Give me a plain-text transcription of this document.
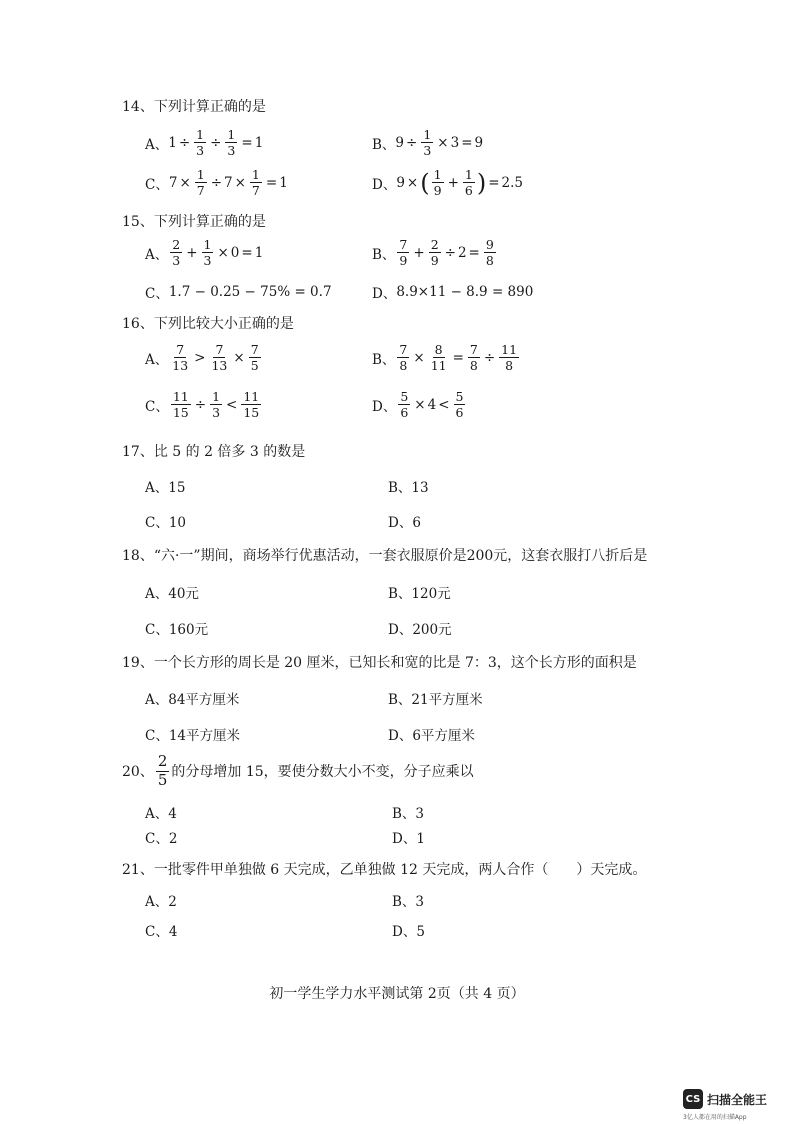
14、下列计算正确的是
A、 $1 \div \frac{1}{3} \div \frac{1}{3} = 1$	B、 $9 \div \frac{1}{3} \times 3 = 9$
C、 $7 \times \frac{1}{7} \div 7 \times \frac{1}{7} = 1$	D、 9 × ( $\frac{1}{9} + \frac{1}{6}$ ) = 2.5
15、下列计算正确的是
A、 $\frac{2}{3} + \frac{1}{3} \times 0 = 1$	B、 $\frac{7}{9} + \frac{2}{9} \div 2 = \frac{9}{8}$
C、 1.7 − 0.25 − 75% = 0.7	D、 8.9×11 − 8.9 = 890
16、下列比较大小正确的是
A、 $\frac{7}{13} > \frac{7}{13} \times \frac{7}{5}$	B、 $\frac{7}{8} \times \frac{8}{11} = \frac{7}{8} \div \frac{11}{8}$
C、 $\frac{11}{15} \div \frac{1}{3} < \frac{11}{15}$	D、 $\frac{5}{6} \times 4 < \frac{5}{6}$
17、比 5 的 2 倍多 3 的数是
A、15	B、13
C、10	D、6
18、“六·一”期间，商场举行优惠活动，一套衣服原价是200元，这套衣服打八折后是
A、40元	B、120元
C、160元	D、200元
19、一个长方形的周长是 20 厘米，已知长和宽的比是 7：3，这个长方形的面积是
A、84平方厘米	B、21平方厘米
C、14平方厘米	D、6平方厘米
20、 $\frac{2}{5}$ 的分母增加 15，要使分数大小不变，分子应乘以
A、4	B、3
C、2	D、1
21、一批零件甲单独做 6 天完成，乙单独做 12 天完成，两人合作（　　）天完成。
A、2	B、3
C、4	D、5
初一学生学力水平测试第 2页（共 4 页）
CS 扫描全能王
3亿人都在用的扫描App
